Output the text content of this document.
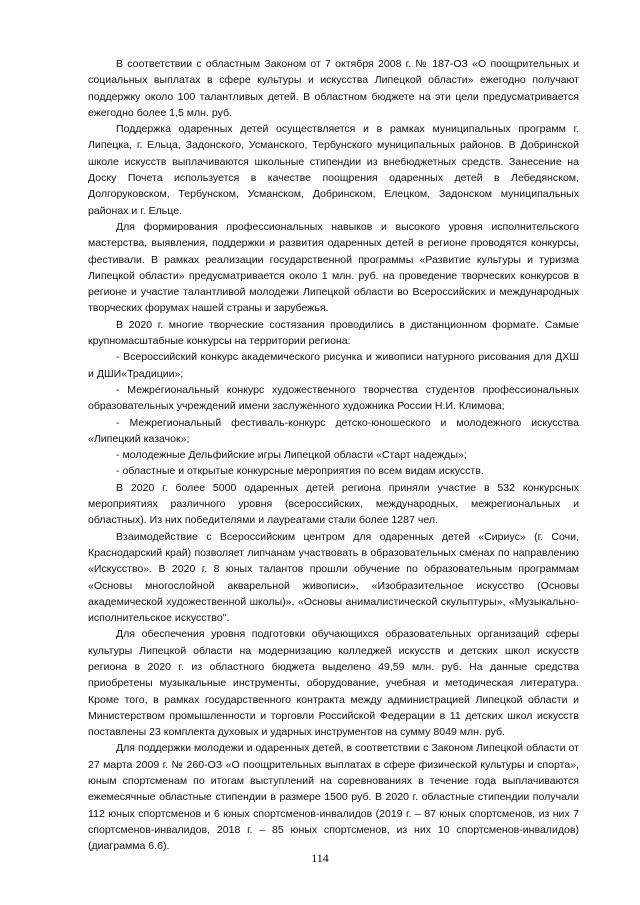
В соответствии с областным Законом от 7 октября 2008 г. № 187-ОЗ «О поощрительных и социальных выплатах в сфере культуры и искусства Липецкой области» ежегодно получают поддержку около 100 талантливых детей. В областном бюджете на эти цели предусматривается ежегодно более 1,5 млн. руб.

Поддержка одаренных детей осуществляется и в рамках муниципальных программ г. Липецка, г. Ельца, Задонского, Усманского, Тербунского муниципальных районов. В Добринской школе искусств выплачиваются школьные стипендии из внебюджетных средств. Занесение на Доску Почета используется в качестве поощрения одаренных детей в Лебедянском, Долгоруковском, Тербунском, Усманском, Добринском, Елецком, Задонском муниципальных районах и г. Ельце.

Для формирования профессиональных навыков и высокого уровня исполнительского мастерства, выявления, поддержки и развития одаренных детей в регионе проводятся конкурсы, фестивали. В рамках реализации государственной программы «Развитие культуры и туризма Липецкой области» предусматривается около 1 млн. руб. на проведение творческих конкурсов в регионе и участие талантливой молодежи Липецкой области во Всероссийских и международных творческих форумах нашей страны и зарубежья.

В 2020 г. многие творческие состязания проводились в дистанционном формате. Самые крупномасштабные конкурсы на территории региона:

- Всероссийский конкурс академического рисунка и живописи натурного рисования для ДХШ и ДШИ«Традиции»;

- Межрегиональный конкурс художественного творчества студентов профессиональных образовательных учреждений имени заслуженного художника России Н.И. Климова;

- Межрегиональный фестиваль-конкурс детско-юношеского и молодежного искусства «Липецкий казачок»;

- молодежные Дельфийские игры Липецкой области «Старт надежды»;

- областные и открытые конкурсные мероприятия по всем видам искусств.

В 2020 г. более 5000 одаренных детей региона приняли участие в 532 конкурсных мероприятиях различного уровня (всероссийских, международных, межрегиональных и областных). Из них победителями и лауреатами стали более 1287 чел.

Взаимодействие с Всероссийским центром для одаренных детей «Сириус» (г. Сочи, Краснодарский край) позволяет липчанам участвовать в образовательных сменах по направлению «Искусство». В 2020 г. 8 юных талантов прошли обучение по образовательным программам «Основы многослойной акварельной живописи», «Изобразительное искусство (Основы академической художественной школы)», «Основы анималистической скульптуры», «Музыкально-исполнительское искусство".

Для обеспечения уровня подготовки обучающихся образовательных организаций сферы культуры Липецкой области на модернизацию колледжей искусств и детских школ искусств региона в 2020 г. из областного бюджета выделено 49,59 млн. руб. На данные средства приобретены музыкальные инструменты, оборудование, учебная и методическая литература. Кроме того, в рамках государственного контракта между администрацией Липецкой области и Министерством промышленности и торговли Российской Федерации в 11 детских школ искусств поставлены 23 комплекта духовых и ударных инструментов на сумму 8049 млн. руб.

Для поддержки молодежи и одаренных детей, в соответствии с Законом Липецкой области от 27 марта 2009 г. № 260-ОЗ «О поощрительных выплатах в сфере физической культуры и спорта», юным спортсменам по итогам выступлений на соревнованиях в течение года выплачиваются ежемесячные областные стипендии в размере 1500 руб. В 2020 г. областные стипендии получали 112 юных спортсменов и 6 юных спортсменов-инвалидов (2019 г. – 87 юных спортсменов, из них 7 спортсменов-инвалидов, 2018 г. – 85 юных спортсменов, из них 10 спортсменов-инвалидов) (диаграмма 6.6).

114
